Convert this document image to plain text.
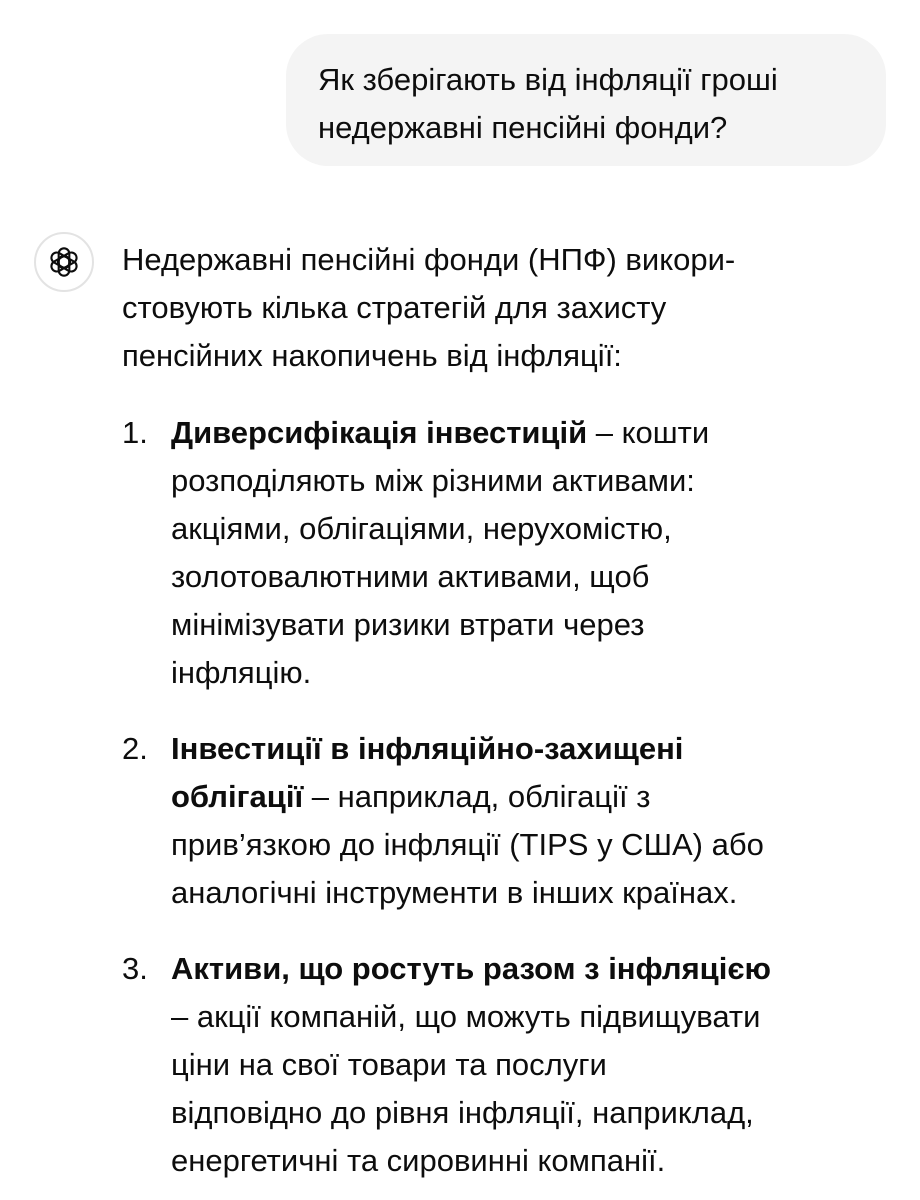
Як зберігають від інфляції гроші
недержавні пенсійні фонди?

Недержавні пенсійні фонди (НПФ) викори-
стовують кілька стратегій для захисту
пенсійних накопичень від інфляції:

1. Диверсифікація інвестицій – кошти
розподіляють між різними активами:
акціями, облігаціями, нерухомістю,
золотовалютними активами, щоб
мінімізувати ризики втрати через
інфляцію.
2. Інвестиції в інфляційно-захищені
облігації – наприклад, облігації з
прив’язкою до інфляції (TIPS у США) або
аналогічні інструменти в інших країнах.
3. Активи, що ростуть разом з інфляцією
– акції компаній, що можуть підвищувати
ціни на свої товари та послуги
відповідно до рівня інфляції, наприклад,
енергетичні та сировинні компанії.
